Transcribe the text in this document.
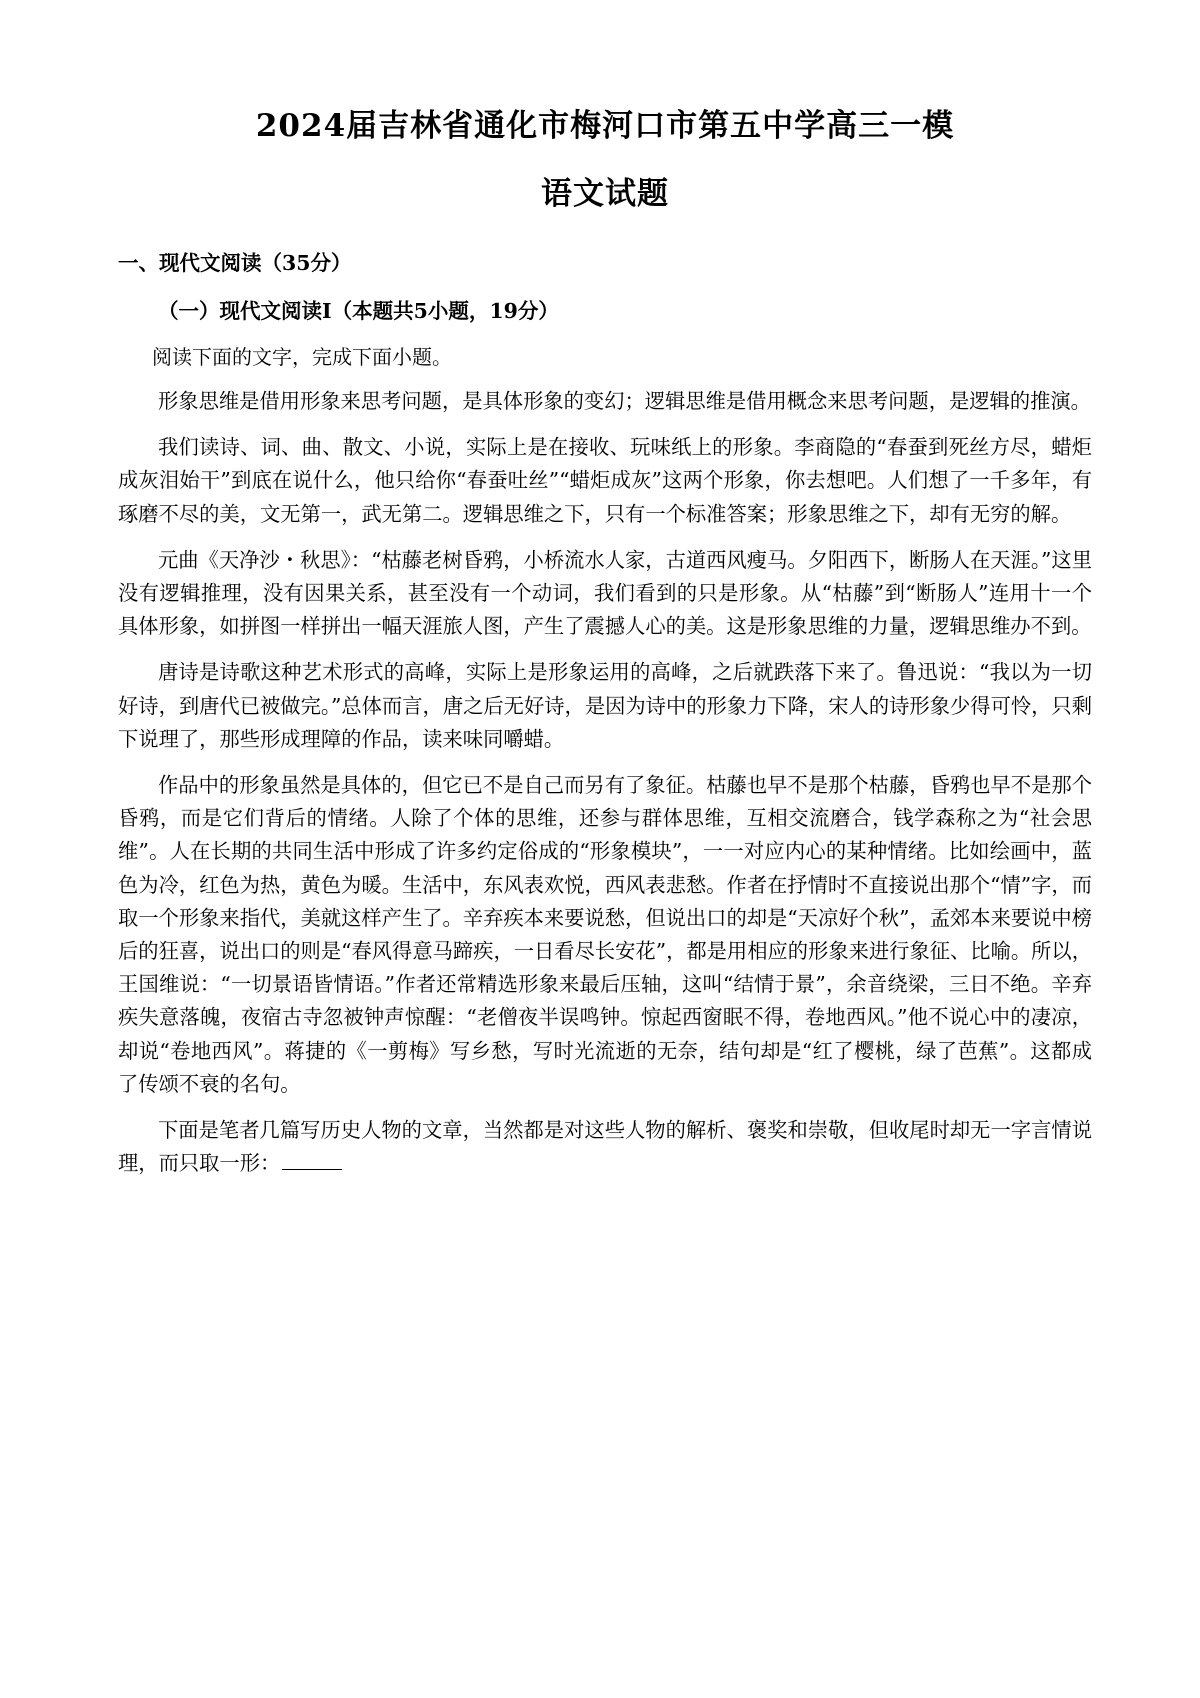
2024届吉林省通化市梅河口市第五中学高三一模
语文试题
一、现代文阅读（35分）
（一）现代文阅读Ⅰ（本题共5小题，19分）
阅读下面的文字，完成下面小题。

形象思维是借用形象来思考问题，是具体形象的变幻；逻辑思维是借用概念来思考问题，是逻辑的推演。

我们读诗、词、曲、散文、小说，实际上是在接收、玩味纸上的形象。李商隐的“春蚕到死丝方尽，蜡炬成灰泪始干”到底在说什么，他只给你“春蚕吐丝”“蜡炬成灰”这两个形象，你去想吧。人们想了一千多年，有琢磨不尽的美，文无第一，武无第二。逻辑思维之下，只有一个标准答案；形象思维之下，却有无穷的解。

元曲《天净沙・秋思》：“枯藤老树昏鸦，小桥流水人家，古道西风瘦马。夕阳西下，断肠人在天涯。”这里没有逻辑推理，没有因果关系，甚至没有一个动词，我们看到的只是形象。从“枯藤”到“断肠人”连用十一个具体形象，如拼图一样拼出一幅天涯旅人图，产生了震撼人心的美。这是形象思维的力量，逻辑思维办不到。

唐诗是诗歌这种艺术形式的高峰，实际上是形象运用的高峰，之后就跌落下来了。鲁迅说：“我以为一切好诗，到唐代已被做完。”总体而言，唐之后无好诗，是因为诗中的形象力下降，宋人的诗形象少得可怜，只剩下说理了，那些形成理障的作品，读来味同嚼蜡。

作品中的形象虽然是具体的，但它已不是自己而另有了象征。枯藤也早不是那个枯藤，昏鸦也早不是那个昏鸦，而是它们背后的情绪。人除了个体的思维，还参与群体思维，互相交流磨合，钱学森称之为“社会思维”。人在长期的共同生活中形成了许多约定俗成的“形象模块”，一一对应内心的某种情绪。比如绘画中，蓝色为冷，红色为热，黄色为暖。生活中，东风表欢悦，西风表悲愁。作者在抒情时不直接说出那个“情”字，而取一个形象来指代，美就这样产生了。辛弃疾本来要说愁，但说出口的却是“天凉好个秋”，孟郊本来要说中榜后的狂喜，说出口的则是“春风得意马蹄疾，一日看尽长安花”，都是用相应的形象来进行象征、比喻。所以，王国维说：“一切景语皆情语。”作者还常精选形象来最后压轴，这叫“结情于景”，余音绕梁，三日不绝。辛弃疾失意落魄，夜宿古寺忽被钟声惊醒：“老僧夜半误鸣钟。惊起西窗眠不得，卷地西风。”他不说心中的凄凉，却说“卷地西风”。蒋捷的《一剪梅》写乡愁，写时光流逝的无奈，结句却是“红了樱桃，绿了芭蕉”。这都成了传颂不衰的名句。

下面是笔者几篇写历史人物的文章，当然都是对这些人物的解析、褒奖和崇敬，但收尾时却无一字言情说理，而只取一形：
